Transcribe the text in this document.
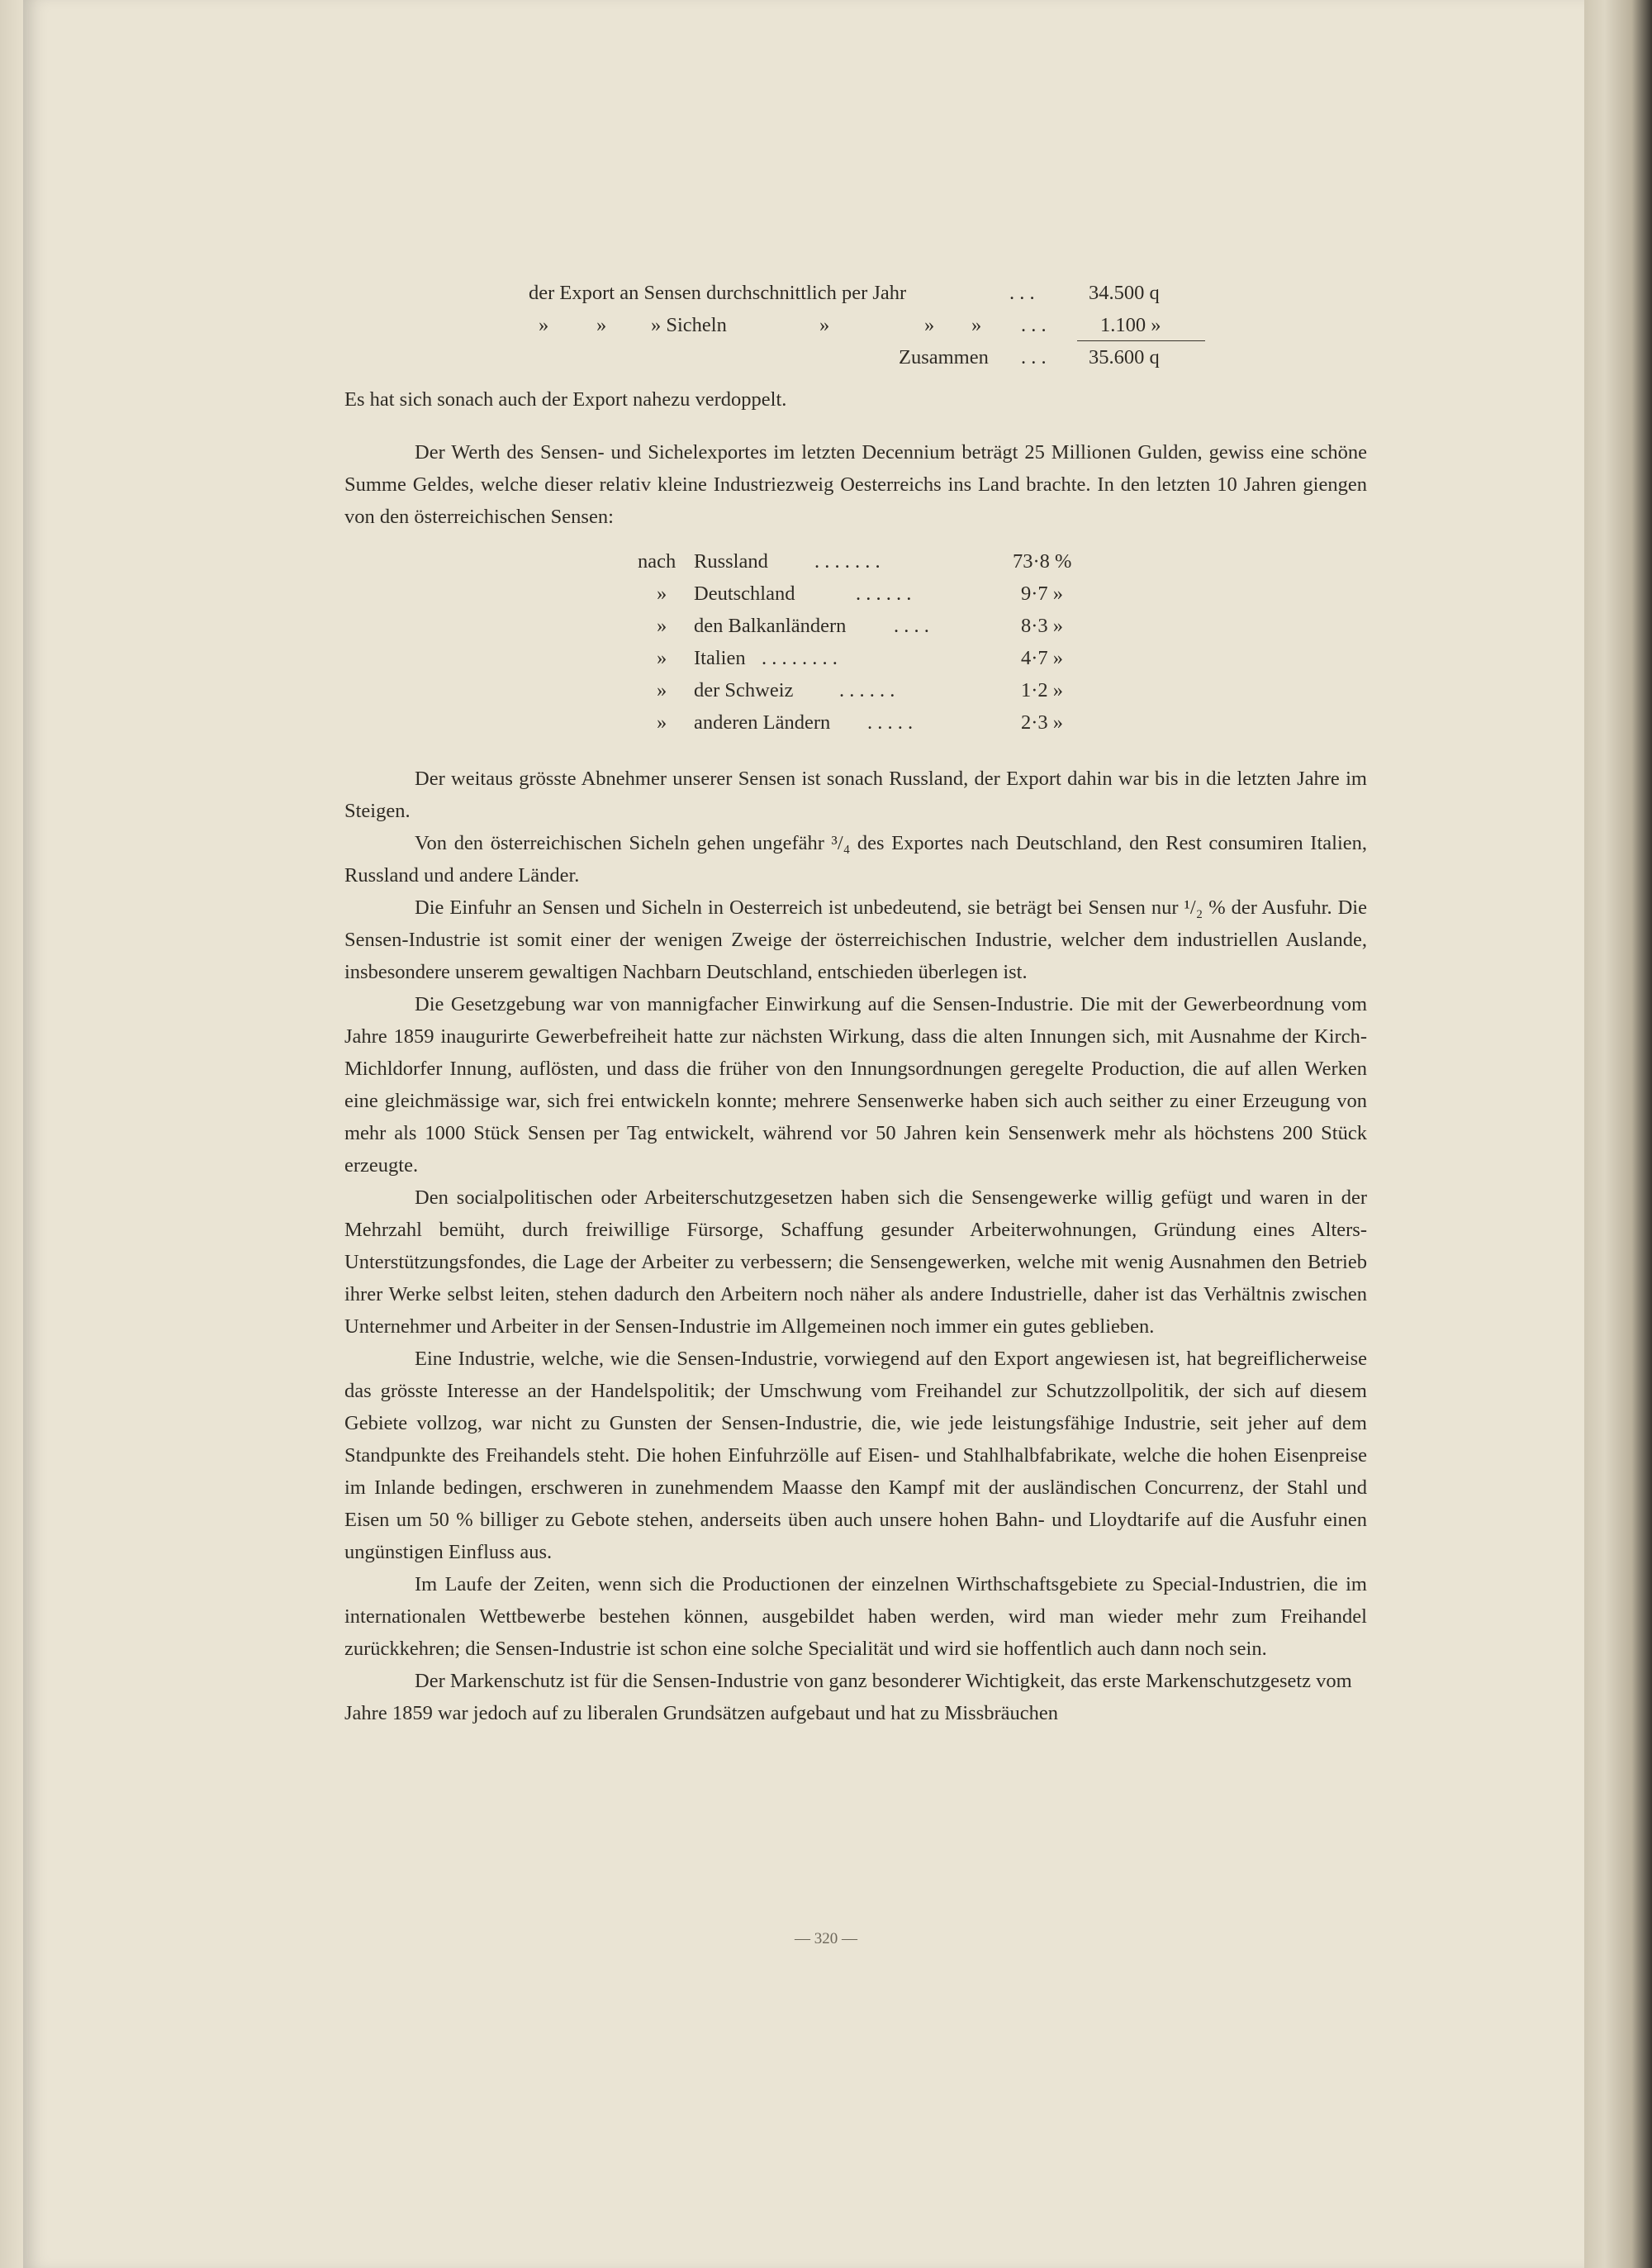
der Export an Sensen durchschnittlich per Jahr	. . .	34.500 q
» » » Sicheln	»	» » . . .	1.100 »
Zusammen . . . 35.600 q

Es hat sich sonach auch der Export nahezu verdoppelt.

Der Werth des Sensen- und Sichelexportes im letzten Decennium beträgt 25 Millionen Gulden, gewiss eine schöne Summe Geldes, welche dieser relativ kleine Industriezweig Oesterreichs ins Land brachte. In den letzten 10 Jahren giengen von den österreichischen Sensen:

nach Russland . . . . . . .	73·8 %
» Deutschland	. . . . . .	9·7 »
» den Balkanländern . . . .	8·3 »
» Italien . . . . . . . .	4·7 »
» der Schweiz . . . . . .	1·2 »
» anderen Ländern . . . . .	2·3 »

Der weitaus grösste Abnehmer unserer Sensen ist sonach Russland, der Export dahin war bis in die letzten Jahre im Steigen.

Von den österreichischen Sicheln gehen ungefähr ³/₄ des Exportes nach Deutschland, den Rest consumiren Italien, Russland und andere Länder.

Die Einfuhr an Sensen und Sicheln in Oesterreich ist unbedeutend, sie beträgt bei Sensen nur ¹/₂ % der Ausfuhr. Die Sensen-Industrie ist somit einer der wenigen Zweige der österreichischen Industrie, welcher dem industriellen Auslande, insbesondere unserem gewaltigen Nachbarn Deutschland, entschieden überlegen ist.

Die Gesetzgebung war von mannigfacher Einwirkung auf die Sensen-Industrie. Die mit der Gewerbeordnung vom Jahre 1859 inaugurirte Gewerbefreiheit hatte zur nächsten Wirkung, dass die alten Innungen sich, mit Ausnahme der Kirch-Michldorfer Innung, auflösten, und dass die früher von den Innungsordnungen geregelte Production, die auf allen Werken eine gleichmässige war, sich frei entwickeln konnte; mehrere Sensenwerke haben sich auch seither zu einer Erzeugung von mehr als 1000 Stück Sensen per Tag entwickelt, während vor 50 Jahren kein Sensenwerk mehr als höchstens 200 Stück erzeugte.

Den socialpolitischen oder Arbeiterschutzgesetzen haben sich die Sensengewerke willig gefügt und waren in der Mehrzahl bemüht, durch freiwillige Fürsorge, Schaffung gesunder Arbeiterwohnungen, Gründung eines Alters-Unterstützungsfondes, die Lage der Arbeiter zu verbessern; die Sensengewerken, welche mit wenig Ausnahmen den Betrieb ihrer Werke selbst leiten, stehen dadurch den Arbeitern noch näher als andere Industrielle, daher ist das Verhältnis zwischen Unternehmer und Arbeiter in der Sensen-Industrie im Allgemeinen noch immer ein gutes geblieben.

Eine Industrie, welche, wie die Sensen-Industrie, vorwiegend auf den Export angewiesen ist, hat begreiflicherweise das grösste Interesse an der Handelspolitik; der Umschwung vom Freihandel zur Schutzzollpolitik, der sich auf diesem Gebiete vollzog, war nicht zu Gunsten der Sensen-Industrie, die, wie jede leistungsfähige Industrie, seit jeher auf dem Standpunkte des Freihandels steht. Die hohen Einfuhrzölle auf Eisen- und Stahlhalbfabrikate, welche die hohen Eisenpreise im Inlande bedingen, erschweren in zunehmendem Maasse den Kampf mit der ausländischen Concurrenz, der Stahl und Eisen um 50 % billiger zu Gebote stehen, anderseits üben auch unsere hohen Bahn- und Lloydtarife auf die Ausfuhr einen ungünstigen Einfluss aus.

Im Laufe der Zeiten, wenn sich die Productionen der einzelnen Wirthschaftsgebiete zu Special-Industrien, die im internationalen Wettbewerbe bestehen können, ausgebildet haben werden, wird man wieder mehr zum Freihandel zurückkehren; die Sensen-Industrie ist schon eine solche Specialität und wird sie hoffentlich auch dann noch sein.

Der Markenschutz ist für die Sensen-Industrie von ganz besonderer Wichtigkeit, das erste Markenschutzgesetz vom Jahre 1859 war jedoch auf zu liberalen Grundsätzen aufgebaut und hat zu Missbräuchen

— 320 —
